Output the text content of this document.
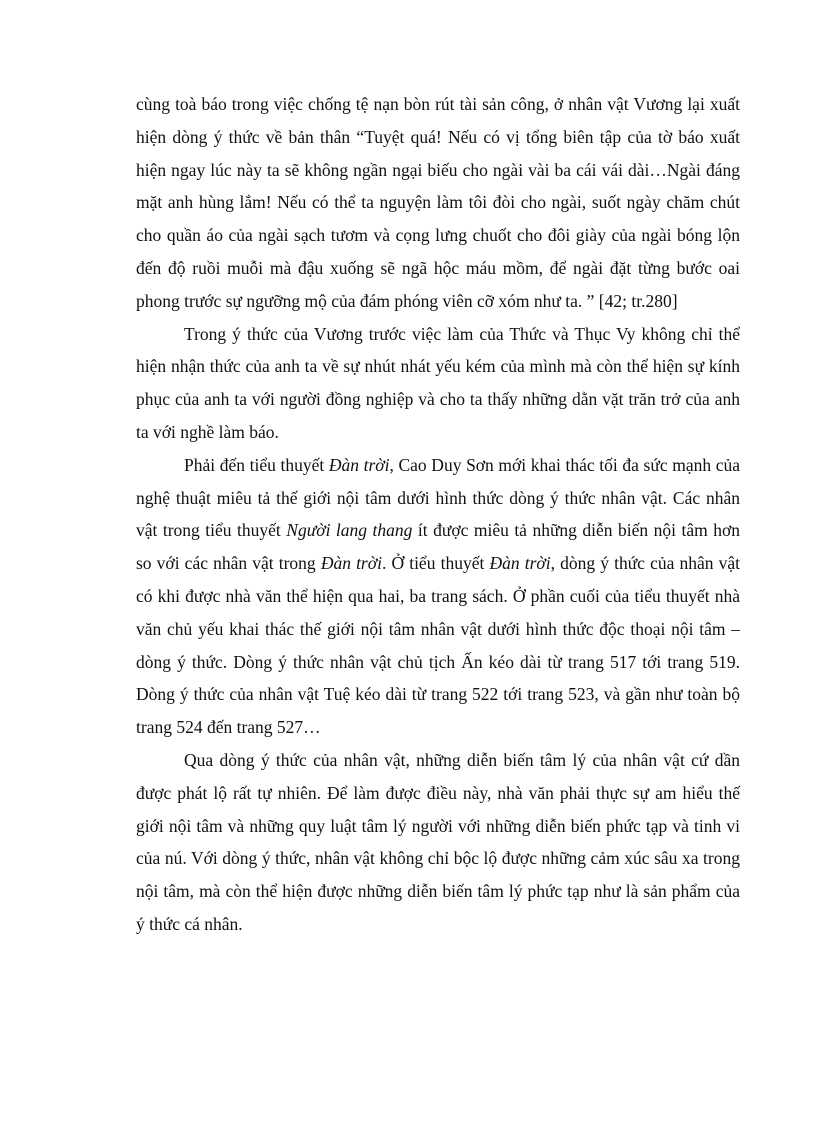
cùng toà báo trong việc chống tệ nạn bòn rút tài sản công, ở nhân vật Vương lại xuất hiện dòng ý thức về bản thân “Tuyệt quá! Nếu có vị tổng biên tập của tờ báo xuất hiện ngay lúc này ta sẽ không ngần ngại biếu cho ngài vài ba cái vái dài…Ngài đáng mặt anh hùng lắm! Nếu có thể ta nguyện làm tôi đòi cho ngài, suốt ngày chăm chút cho quần áo của ngài sạch tươm và cọng lưng chuốt cho đôi giày của ngài bóng lộn đến độ ruồi muỗi mà đậu xuống sẽ ngã hộc máu mồm, để ngài đặt từng bước oai phong trước sự ngưỡng mộ của đám phóng viên cỡ xóm như ta. ” [42; tr.280]

Trong ý thức của Vương trước việc làm của Thức và Thục Vy không chỉ thể hiện nhận thức của anh ta về sự nhút nhát yếu kém của mình mà còn thể hiện sự kính phục của anh ta với người đồng nghiệp và cho ta thấy những dằn vặt trăn trở của anh ta với nghề làm báo.

Phải đến tiểu thuyết Đàn trời, Cao Duy Sơn mới khai thác tối đa sức mạnh của nghệ thuật miêu tả thế giới nội tâm dưới hình thức dòng ý thức nhân vật. Các nhân vật trong tiểu thuyết Người lang thang ít được miêu tả những diễn biến nội tâm hơn so với các nhân vật trong Đàn trời. Ở tiểu thuyết Đàn trời, dòng ý thức của nhân vật có khi được nhà văn thể hiện qua hai, ba trang sách. Ở phần cuối của tiểu thuyết nhà văn chủ yếu khai thác thế giới nội tâm nhân vật dưới hình thức độc thoại nội tâm – dòng ý thức. Dòng ý thức nhân vật chủ tịch Ấn kéo dài từ trang 517 tới trang 519. Dòng ý thức của nhân vật Tuệ kéo dài từ trang 522 tới trang 523, và gần như toàn bộ trang 524 đến trang 527…

Qua dòng ý thức của nhân vật, những diễn biến tâm lý của nhân vật cứ dần được phát lộ rất tự nhiên. Để làm được điều này, nhà văn phải thực sự am hiểu thế giới nội tâm và những quy luật tâm lý người với những diễn biến phức tạp và tinh vi của nú. Với dòng ý thức, nhân vật không chỉ bộc lộ được những cảm xúc sâu xa trong nội tâm, mà còn thể hiện được những diễn biến tâm lý phức tạp như là sản phẩm của ý thức cá nhân.
